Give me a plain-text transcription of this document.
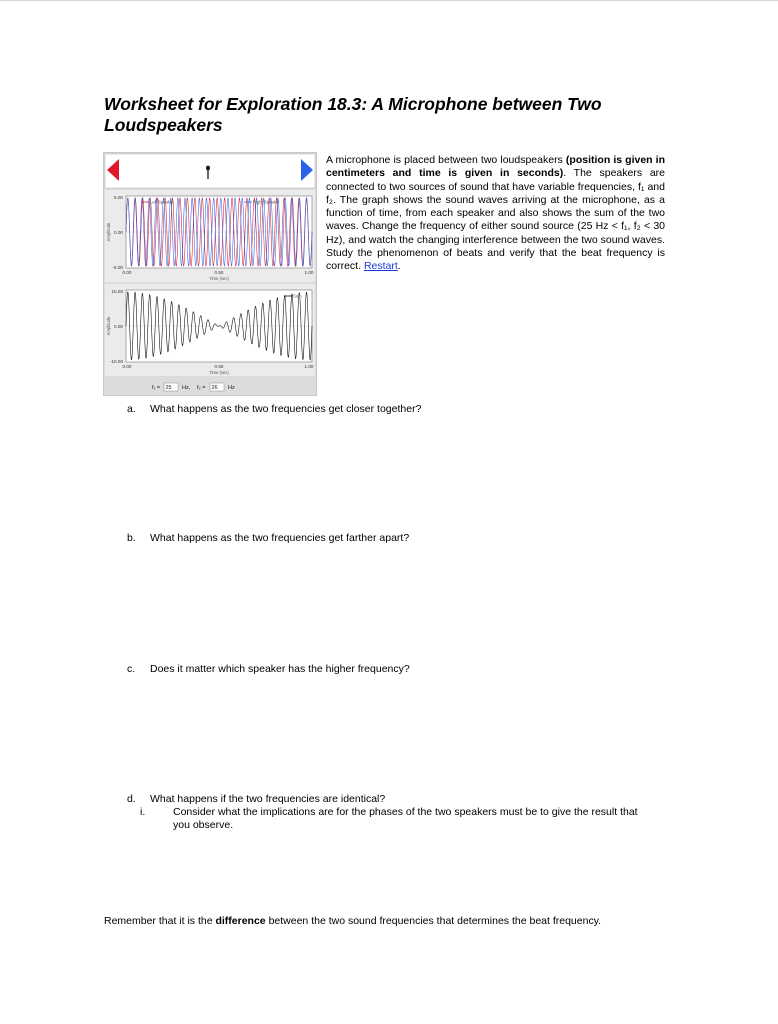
Worksheet for Exploration 18.3: A Microphone between Two Loudspeakers
Left Speaker	Right Speaker
5.00
0.00
-5.00
Amplitude
0.00	0.50	1.00
Time (sec)
Sum
10.00
0.00
-10.00
Amplitude
0.00	0.50	1.00
Time (sec)
f₁ = 25 Hz, f₂ = 26 Hz

A microphone is placed between two loudspeakers (position is given in centimeters and time is given in seconds). The speakers are connected to two sources of sound that have variable frequencies, f₁ and f₂. The graph shows the sound waves arriving at the microphone, as a function of time, from each speaker and also shows the sum of the two waves. Change the frequency of either sound source (25 Hz < f₁, f₂ < 30 Hz), and watch the changing interference between the two sound waves. Study the phenomenon of beats and verify that the beat frequency is correct. Restart.

a. What happens as the two frequencies get closer together?
b. What happens as the two frequencies get farther apart?
c. Does it matter which speaker has the higher frequency?
d. What happens if the two frequencies are identical?
i.	Consider what the implications are for the phases of the two speakers must be to give the result that you observe.

Remember that it is the difference between the two sound frequencies that determines the beat frequency.
